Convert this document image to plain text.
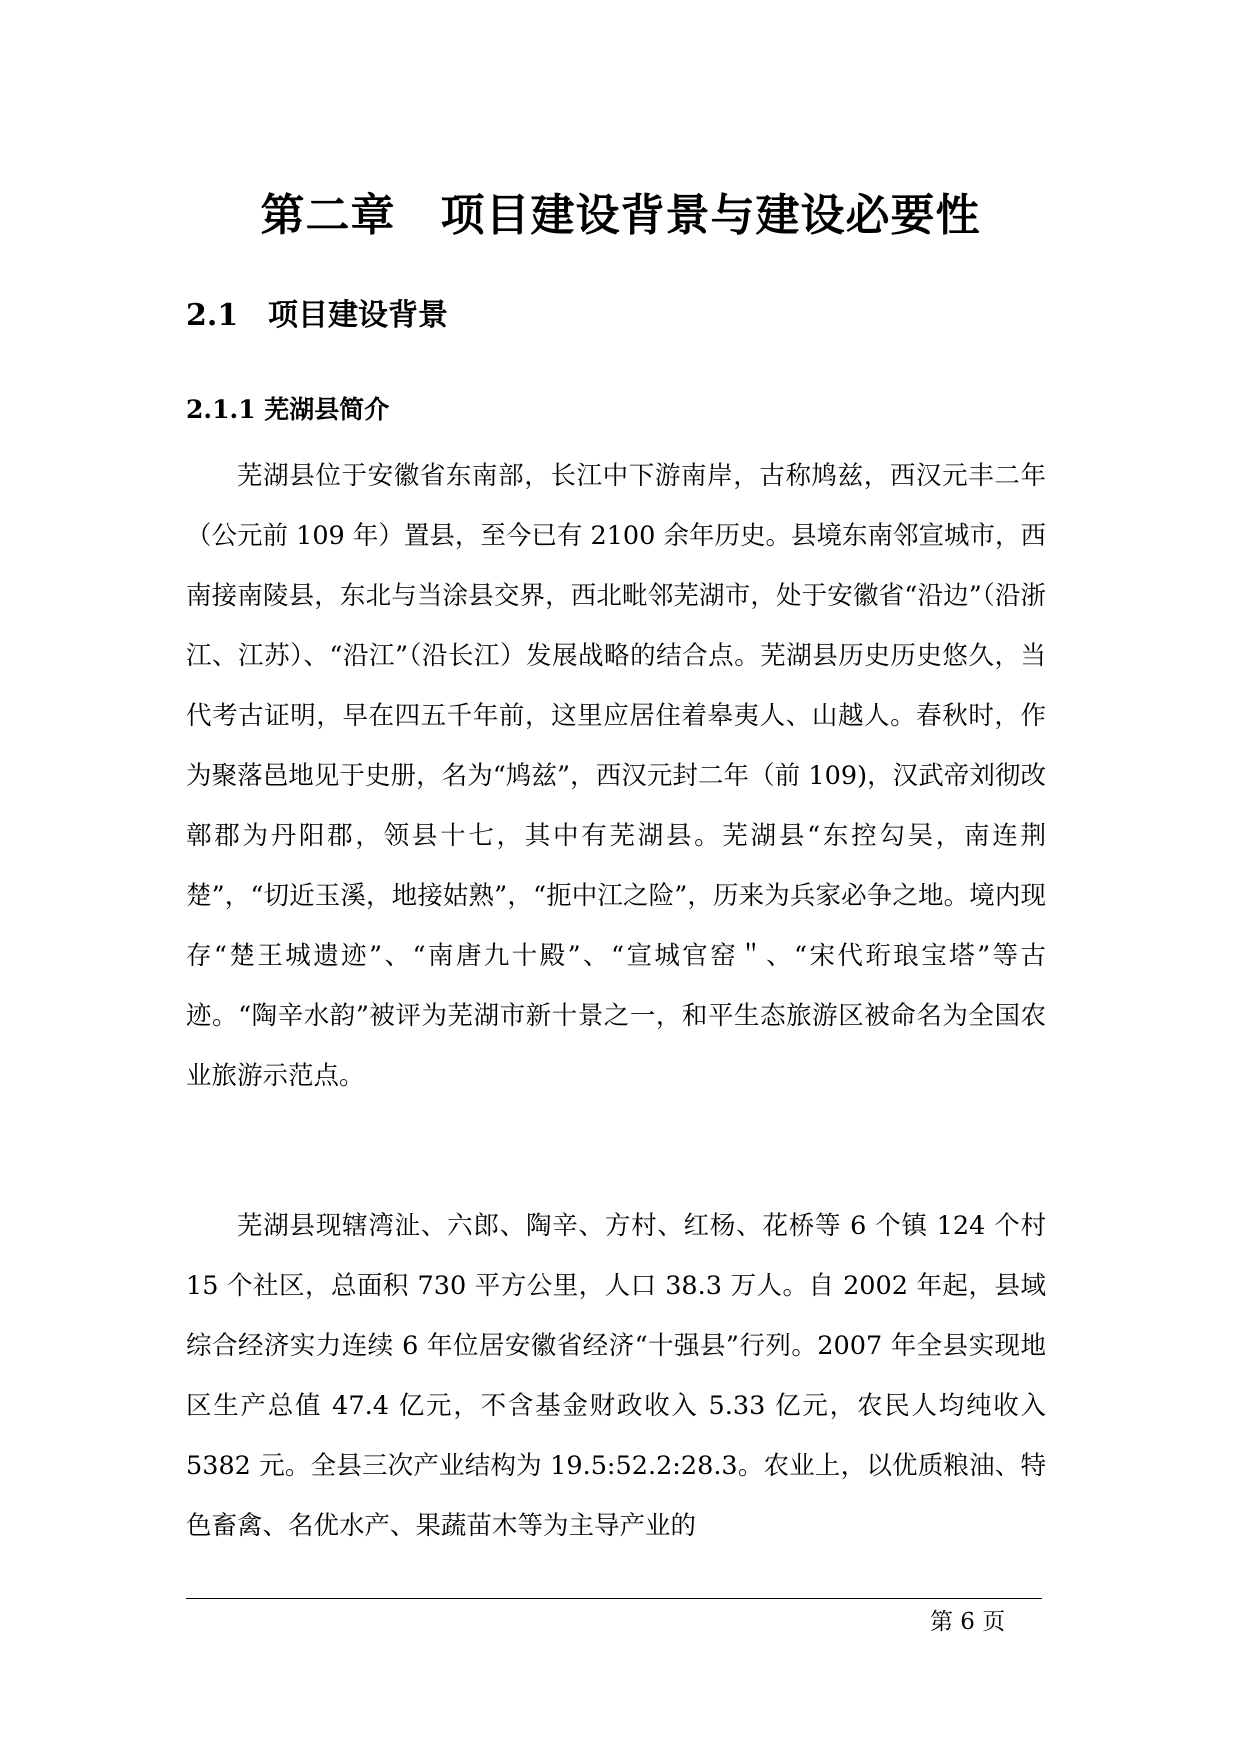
第二章　项目建设背景与建设必要性
2.1 项目建设背景
2.1.1 芜湖县简介

芜湖县位于安徽省东南部，长江中下游南岸，古称鸠兹，西汉元丰二年（公元前 109 年）置县，至今已有 2100 余年历史。县境东南邻宣城市，西南接南陵县，东北与当涂县交界，西北毗邻芜湖市，处于安徽省“沿边”（沿浙江、江苏）、“沿江”（沿长江）发展战略的结合点。芜湖县历史历史悠久，当代考古证明，早在四五千年前，这里应居住着皋夷人、山越人。春秋时，作为聚落邑地见于史册，名为“鸠兹”，西汉元封二年（前 109)，汉武帝刘彻改鄣郡为丹阳郡，领县十七，其中有芜湖县。芜湖县“东控勾吴，南连荆楚”，“切近玉溪，地接姑熟”，“扼中江之险”，历来为兵家必争之地。境内现存“楚王城遗迹”、“南唐九十殿”、“宣城官窑＂、“宋代珩琅宝塔”等古迹。“陶辛水韵”被评为芜湖市新十景之一，和平生态旅游区被命名为全国农业旅游示范点。

芜湖县现辖湾沚、六郎、陶辛、方村、红杨、花桥等 6 个镇 124 个村 15 个社区，总面积 730 平方公里，人口 38.3 万人。自 2002 年起，县域综合经济实力连续 6 年位居安徽省经济“十强县”行列。2007 年全县实现地区生产总值 47.4 亿元，不含基金财政收入 5.33 亿元，农民人均纯收入 5382 元。全县三次产业结构为 19.5:52.2:28.3。农业上，以优质粮油、特色畜禽、名优水产、果蔬苗木等为主导产业的

第 6 页
